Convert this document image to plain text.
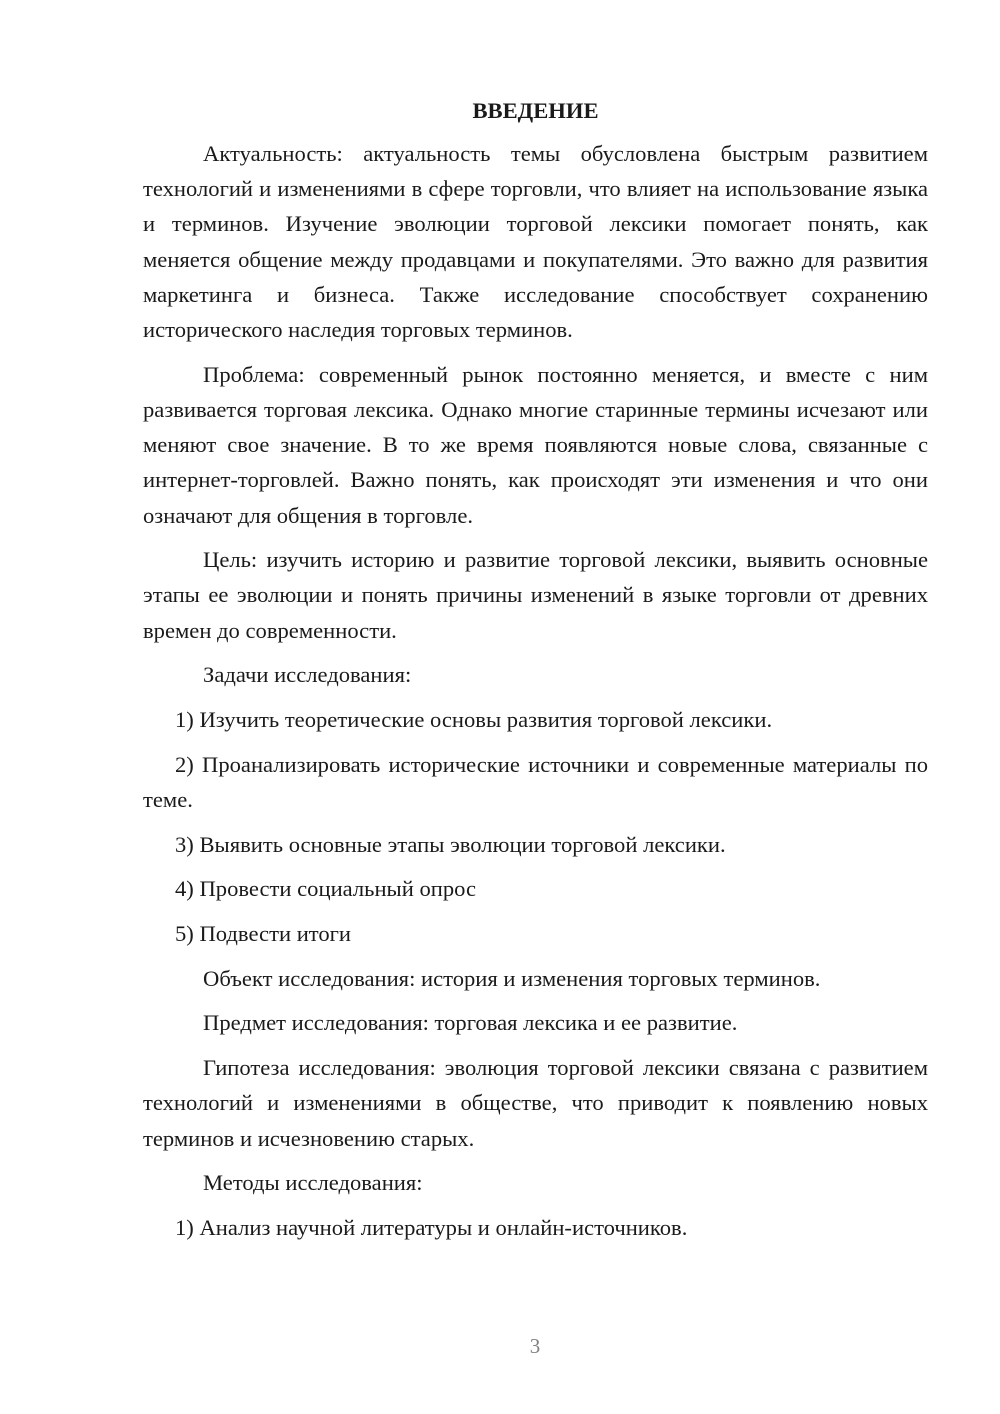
ВВЕДЕНИЕ

Актуальность: актуальность темы обусловлена быстрым развитием технологий и изменениями в сфере торговли, что влияет на использование языка и терминов. Изучение эволюции торговой лексики помогает понять, как меняется общение между продавцами и покупателями. Это важно для развития маркетинга и бизнеса. Также исследование способствует сохранению исторического наследия торговых терминов.

Проблема: современный рынок постоянно меняется, и вместе с ним развивается торговая лексика. Однако многие старинные термины исчезают или меняют свое значение. В то же время появляются новые слова, связанные с интернет-торговлей. Важно понять, как происходят эти изменения и что они означают для общения в торговле.

Цель: изучить историю и развитие торговой лексики, выявить основные этапы ее эволюции и понять причины изменений в языке торговли от древних времен до современности.

Задачи исследования:

1) Изучить теоретические основы развития торговой лексики.

2) Проанализировать исторические источники и современные материалы по теме.

3) Выявить основные этапы эволюции торговой лексики.

4) Провести социальный опрос

5) Подвести итоги

Объект исследования: история и изменения торговых терминов.

Предмет исследования: торговая лексика и ее развитие.

Гипотеза исследования: эволюция торговой лексики связана с развитием технологий и изменениями в обществе, что приводит к появлению новых терминов и исчезновению старых.

Методы исследования:

1) Анализ научной литературы и онлайн-источников.

3
